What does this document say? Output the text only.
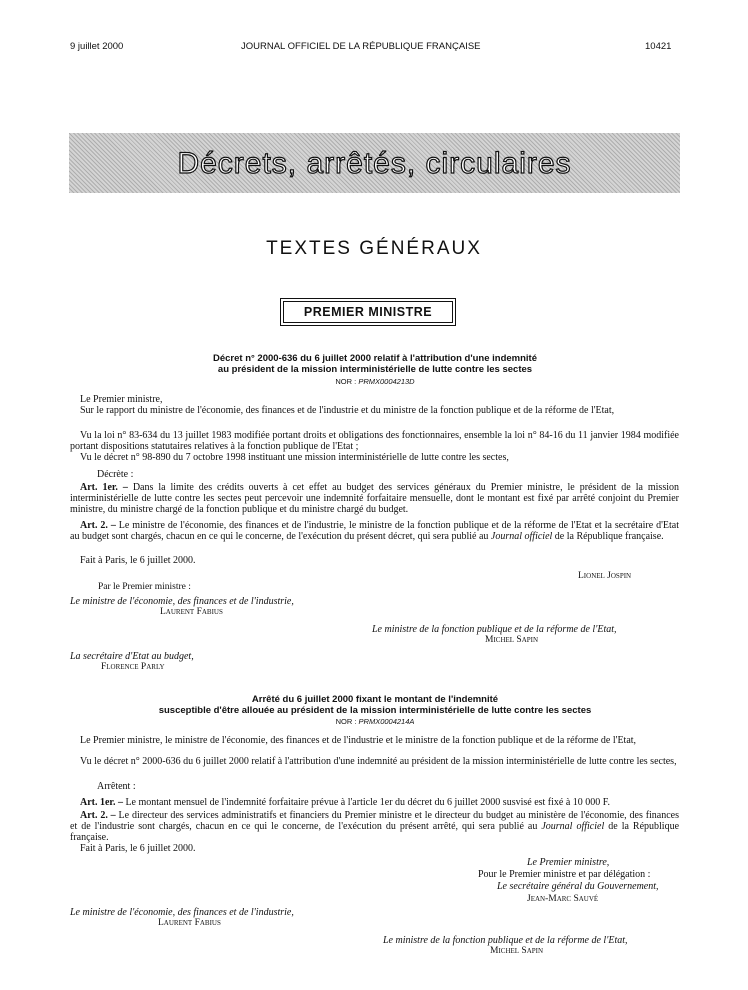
9 juillet 2000	JOURNAL OFFICIEL DE LA RÉPUBLIQUE FRANÇAISE	10421
Décrets, arrêtés, circulaires
TEXTES GÉNÉRAUX
PREMIER MINISTRE
Décret n° 2000-636 du 6 juillet 2000 relatif à l'attribution d'une indemnité
au président de la mission interministérielle de lutte contre les sectes
NOR : PRMX0004213D
Le Premier ministre,
Sur le rapport du ministre de l'économie, des finances et de l'industrie et du ministre de la fonction publique et de la réforme de l'Etat,
Vu la loi n° 83-634 du 13 juillet 1983 modifiée portant droits et obligations des fonctionnaires, ensemble la loi n° 84-16 du 11 janvier 1984 modifiée portant dispositions statutaires relatives à la fonction publique de l'Etat ;
Vu le décret n° 98-890 du 7 octobre 1998 instituant une mission interministérielle de lutte contre les sectes,
Décrète :
Art. 1er. – Dans la limite des crédits ouverts à cet effet au budget des services généraux du Premier ministre, le président de la mission interministérielle de lutte contre les sectes peut percevoir une indemnité forfaitaire mensuelle, dont le montant est fixé par arrêté conjoint du Premier ministre, du ministre chargé de la fonction publique et du ministre chargé du budget.
Art. 2. – Le ministre de l'économie, des finances et de l'industrie, le ministre de la fonction publique et de la réforme de l'Etat et la secrétaire d'Etat au budget sont chargés, chacun en ce qui le concerne, de l'exécution du présent décret, qui sera publié au Journal officiel de la République française.
Fait à Paris, le 6 juillet 2000.
Lionel Jospin
Par le Premier ministre :
Le ministre de l'économie, des finances et de l'industrie,
Laurent Fabius
Le ministre de la fonction publique et de la réforme de l'Etat,
Michel Sapin
La secrétaire d'Etat au budget,
Florence Parly
Arrêté du 6 juillet 2000 fixant le montant de l'indemnité
susceptible d'être allouée au président de la mission interministérielle de lutte contre les sectes
NOR : PRMX0004214A
Le Premier ministre, le ministre de l'économie, des finances et de l'industrie et le ministre de la fonction publique et de la réforme de l'Etat,
Vu le décret n° 2000-636 du 6 juillet 2000 relatif à l'attribution d'une indemnité au président de la mission interministérielle de lutte contre les sectes,
Arrêtent :
Art. 1er. – Le montant mensuel de l'indemnité forfaitaire prévue à l'article 1er du décret du 6 juillet 2000 susvisé est fixé à 10 000 F.
Art. 2. – Le directeur des services administratifs et financiers du Premier ministre et le directeur du budget au ministère de l'économie, des finances et de l'industrie sont chargés, chacun en ce qui le concerne, de l'exécution du présent arrêté, qui sera publié au Journal officiel de la République française.
Fait à Paris, le 6 juillet 2000.
Le Premier ministre,
Pour le Premier ministre et par délégation :
Le secrétaire général du Gouvernement,
Jean-Marc Sauvé
Le ministre de l'économie, des finances et de l'industrie,
Laurent Fabius
Le ministre de la fonction publique et de la réforme de l'Etat,
Michel Sapin
